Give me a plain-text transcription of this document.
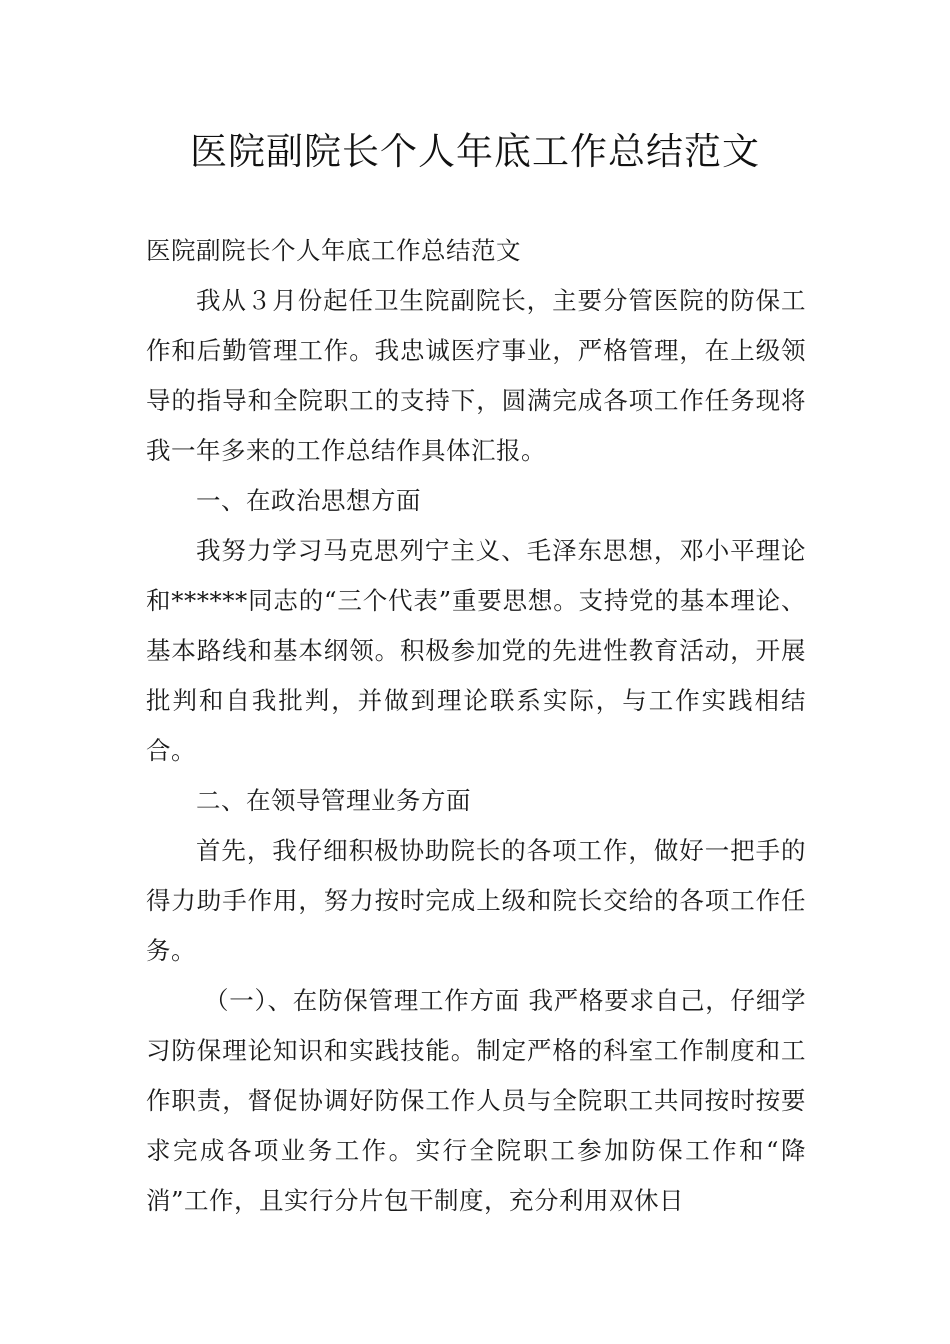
医院副院长个人年底工作总结范文

医院副院长个人年底工作总结范文

我从３月份起任卫生院副院长，主要分管医院的防保工作和后勤管理工作。我忠诚医疗事业，严格管理，在上级领导的指导和全院职工的支持下，圆满完成各项工作任务现将我一年多来的工作总结作具体汇报。

一、在政治思想方面

我努力学习马克思列宁主义、毛泽东思想，邓小平理论和******同志的“三个代表”重要思想。支持党的基本理论、基本路线和基本纲领。积极参加党的先进性教育活动，开展批判和自我批判，并做到理论联系实际，与工作实践相结合。

二、在领导管理业务方面

首先，我仔细积极协助院长的各项工作，做好一把手的得力助手作用，努力按时完成上级和院长交给的各项工作任务。

（一）、在防保管理工作方面 我严格要求自己，仔细学习防保理论知识和实践技能。制定严格的科室工作制度和工作职责，督促协调好防保工作人员与全院职工共同按时按要求完成各项业务工作。实行全院职工参加防保工作和“降消”工作，且实行分片包干制度，充分利用双休日
